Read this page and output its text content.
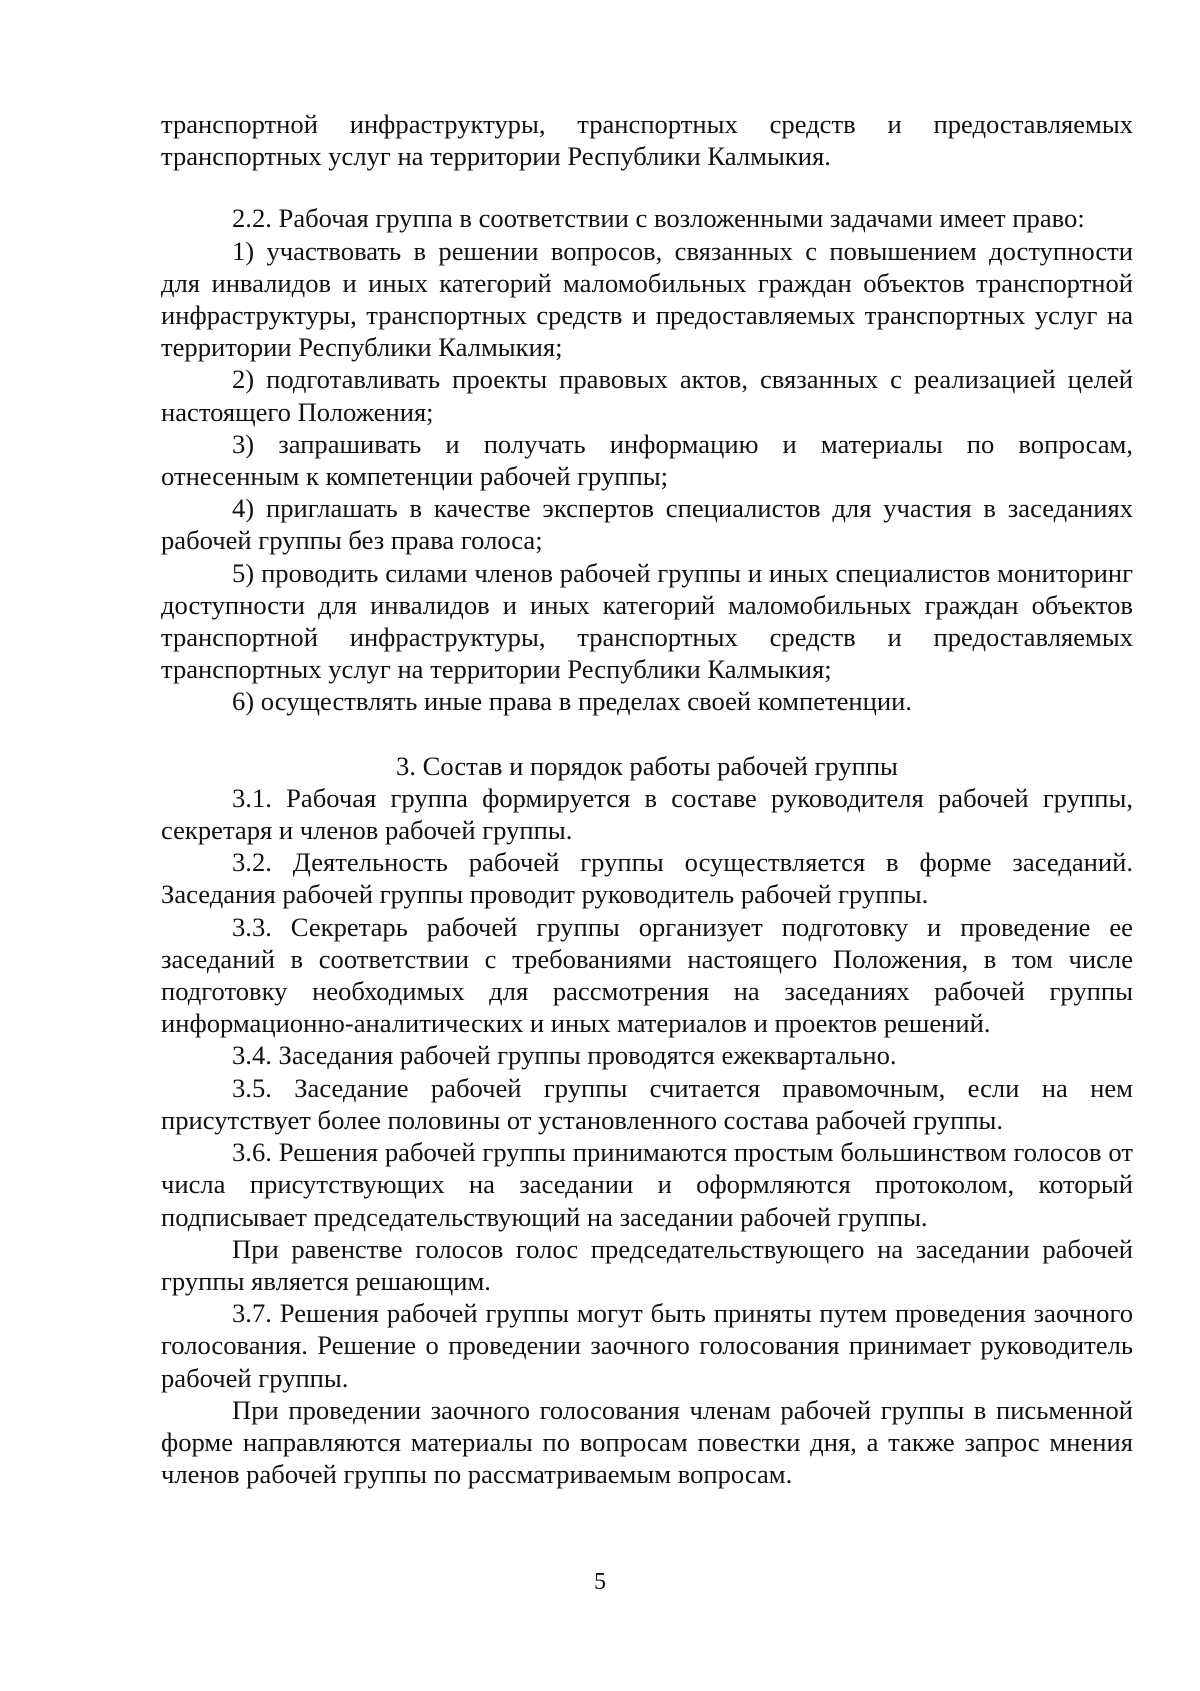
транспортной инфраструктуры, транспортных средств и предоставляемых транспортных услуг на территории Республики Калмыкия.

2.2. Рабочая группа в соответствии с возложенными задачами имеет право:

1) участвовать в решении вопросов, связанных с повышением доступности для инвалидов и иных категорий маломобильных граждан объектов транспортной инфраструктуры, транспортных средств и предоставляемых транспортных услуг на территории Республики Калмыкия;

2) подготавливать проекты правовых актов, связанных с реализацией целей настоящего Положения;

3) запрашивать и получать информацию и материалы по вопросам, отнесенным к компетенции рабочей группы;

4) приглашать в качестве экспертов специалистов для участия в заседаниях рабочей группы без права голоса;

5) проводить силами членов рабочей группы и иных специалистов мониторинг доступности для инвалидов и иных категорий маломобильных граждан объектов транспортной инфраструктуры, транспортных средств и предоставляемых транспортных услуг на территории Республики Калмыкия;

6) осуществлять иные права в пределах своей компетенции.

3. Состав и порядок работы рабочей группы

3.1. Рабочая группа формируется в составе руководителя рабочей группы, секретаря и членов рабочей группы.

3.2. Деятельность рабочей группы осуществляется в форме заседаний. Заседания рабочей группы проводит руководитель рабочей группы.

3.3. Секретарь рабочей группы организует подготовку и проведение ее заседаний в соответствии с требованиями настоящего Положения, в том числе подготовку необходимых для рассмотрения на заседаниях рабочей группы информационно-аналитических и иных материалов и проектов решений.

3.4. Заседания рабочей группы проводятся ежеквартально.

3.5. Заседание рабочей группы считается правомочным, если на нем присутствует более половины от установленного состава рабочей группы.

3.6. Решения рабочей группы принимаются простым большинством голосов от числа присутствующих на заседании и оформляются протоколом, который подписывает председательствующий на заседании рабочей группы.

При равенстве голосов голос председательствующего на заседании рабочей группы является решающим.

3.7. Решения рабочей группы могут быть приняты путем проведения заочного голосования. Решение о проведении заочного голосования принимает руководитель рабочей группы.

При проведении заочного голосования членам рабочей группы в письменной форме направляются материалы по вопросам повестки дня, а также запрос мнения членов рабочей группы по рассматриваемым вопросам.

5
